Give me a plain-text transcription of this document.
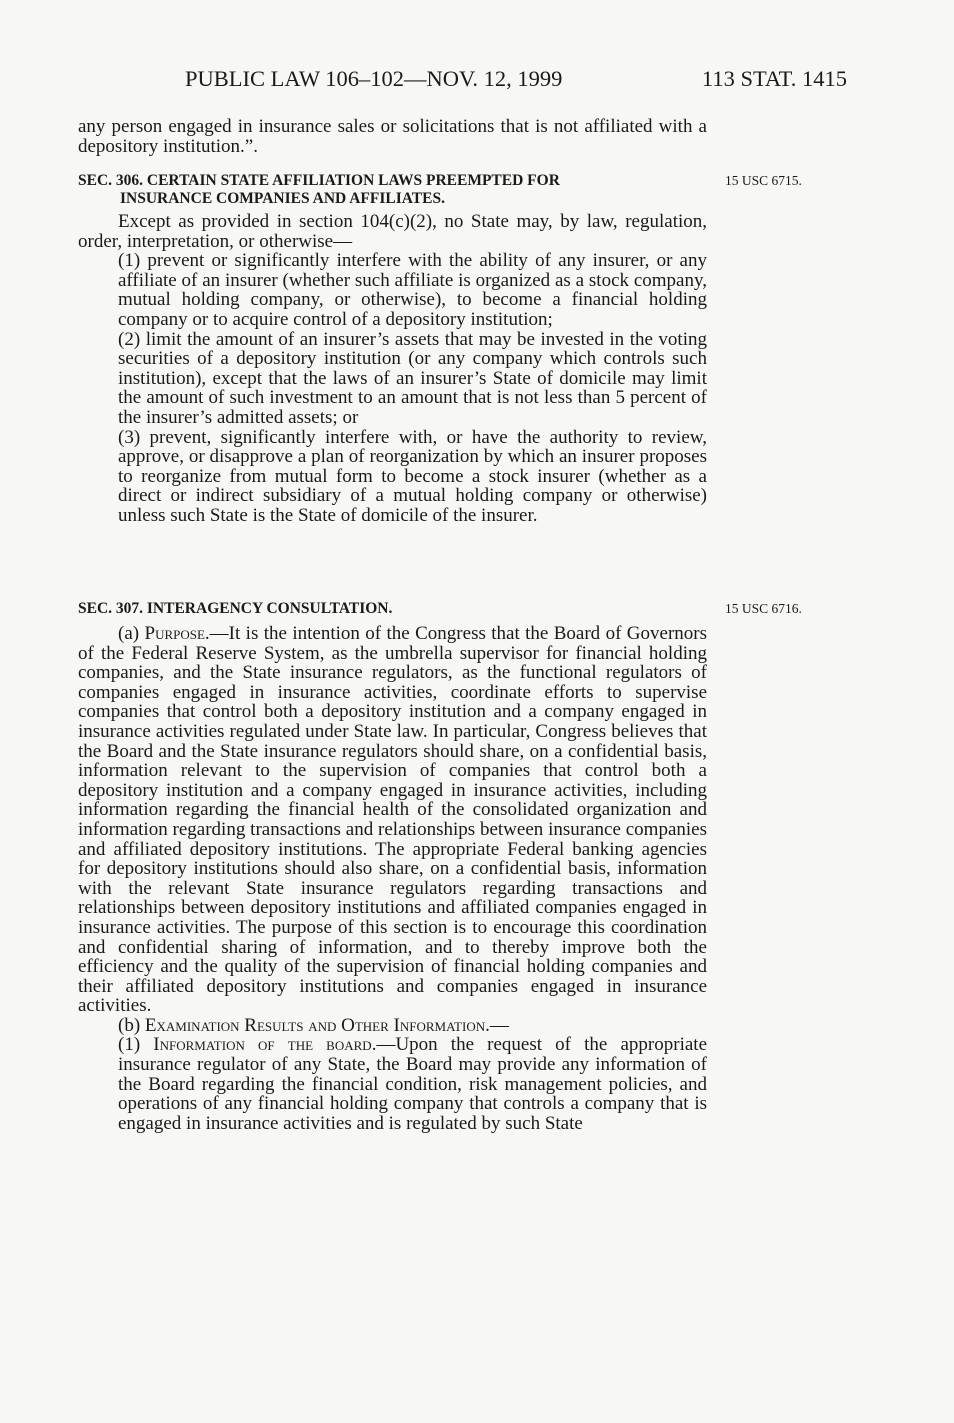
PUBLIC LAW 106–102—NOV. 12, 1999	113 STAT. 1415

any person engaged in insurance sales or solicitations that is not affiliated with a depository institution.”.

SEC. 306. CERTAIN STATE AFFILIATION LAWS PREEMPTED FOR
INSURANCE COMPANIES AND AFFILIATES.

Except as provided in section 104(c)(2), no State may, by law, regulation, order, interpretation, or otherwise—

(1) prevent or significantly interfere with the ability of any insurer, or any affiliate of an insurer (whether such affiliate is organized as a stock company, mutual holding company, or otherwise), to become a financial holding company or to acquire control of a depository institution;

(2) limit the amount of an insurer’s assets that may be invested in the voting securities of a depository institution (or any company which controls such institution), except that the laws of an insurer’s State of domicile may limit the amount of such investment to an amount that is not less than 5 percent of the insurer’s admitted assets; or

(3) prevent, significantly interfere with, or have the authority to review, approve, or disapprove a plan of reorganization by which an insurer proposes to reorganize from mutual form to become a stock insurer (whether as a direct or indirect subsidiary of a mutual holding company or otherwise) unless such State is the State of domicile of the insurer.

15 USC 6715.
SEC. 307. INTERAGENCY CONSULTATION.

(a) Purpose.—It is the intention of the Congress that the Board of Governors of the Federal Reserve System, as the umbrella supervisor for financial holding companies, and the State insurance regulators, as the functional regulators of companies engaged in insurance activities, coordinate efforts to supervise companies that control both a depository institution and a company engaged in insurance activities regulated under State law. In particular, Congress believes that the Board and the State insurance regulators should share, on a confidential basis, information relevant to the supervision of companies that control both a depository institution and a company engaged in insurance activities, including information regarding the financial health of the consolidated organization and information regarding transactions and relationships between insurance companies and affiliated depository institutions. The appropriate Federal banking agencies for depository institutions should also share, on a confidential basis, information with the relevant State insurance regulators regarding transactions and relationships between depository institutions and affiliated companies engaged in insurance activities. The purpose of this section is to encourage this coordination and confidential sharing of information, and to thereby improve both the efficiency and the quality of the supervision of financial holding companies and their affiliated depository institutions and companies engaged in insurance activities.

(b) Examination Results and Other Information.—

(1) Information of the board.—Upon the request of the appropriate insurance regulator of any State, the Board may provide any information of the Board regarding the financial condition, risk management policies, and operations of any financial holding company that controls a company that is engaged in insurance activities and is regulated by such State

15 USC 6716.
